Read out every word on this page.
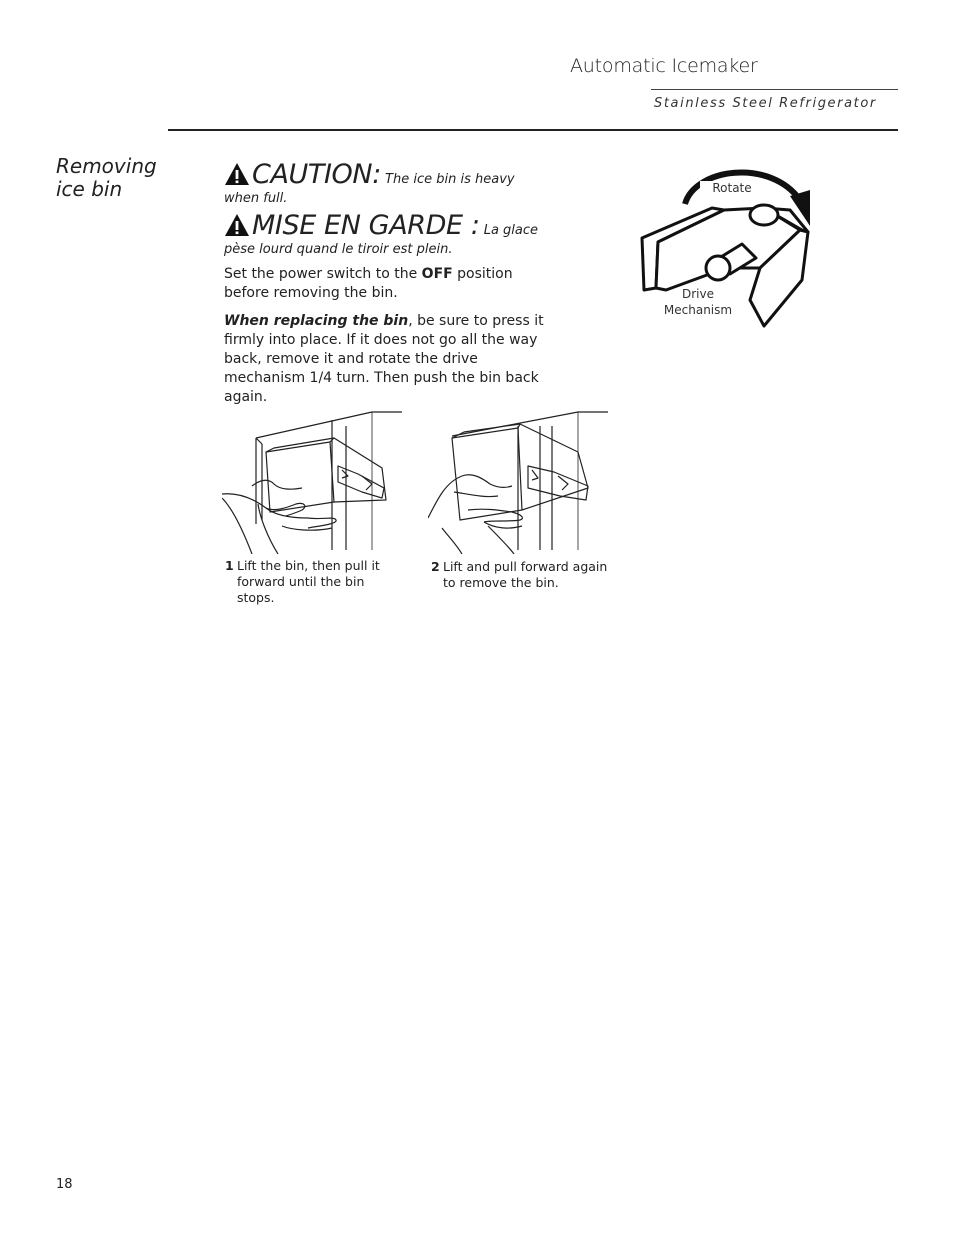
Automatic Icemaker
Stainless Steel Refrigerator
Removing
ice bin	CAUTION: The ice bin is heavy when full.
MISE EN GARDE : La glace pèse lourd quand le tiroir est plein.
Set the power switch to the OFF position before removing the bin.
When replacing the bin, be sure to press it firmly into place. If it does not go all the way back, remove it and rotate the drive mechanism 1/4 turn. Then push the bin back again.
Rotate
Drive
Mechanism
1 Lift the bin, then pull it forward until the bin stops.
2 Lift and pull forward again to remove the bin.
18
